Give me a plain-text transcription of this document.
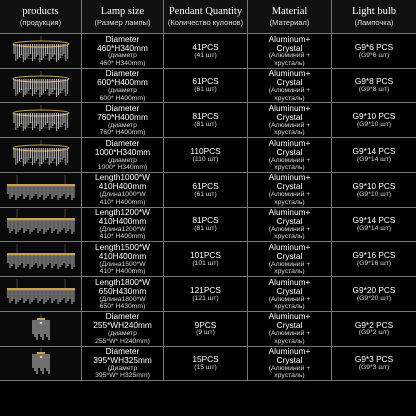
products
(продукция)
Lamp size
(Размер лампы)
Pendant Quantity
(Количество кулонов)
Material
(Материал)
Light bulb
(Лампочка)
Diameter
460*H340mm
(диаметр
460* H340mm)
41PCS
(41 шт)
Aluminum+
Crystal
(Алюминий +
хрусталь)
G9*6 PCS
(G9*6 шт)
Diameter
600*H400mm
(диаметр
600* H400mm)
61PCS
(61 шт)
Aluminum+
Crystal
(Алюминий +
хрусталь)
G9*8 PCS
(G9*8 шт)
Diameter
760*H400mm
(диаметр
760* H400mm)
81PCS
(81 шт)
Aluminum+
Crystal
(Алюминий +
хрусталь)
G9*10 PCS
(G9*10 шт)
Diameter
1000*H340mm
(диаметр
1000* H340mm)
110PCS
(110 шт)
Aluminum+
Crystal
(Алюминий +
хрусталь)
G9*14 PCS
(G9*14 шт)
Length1000*W
410H400mm
(Длина1000*W
410* H400mm)
61PCS
(61 шт)
Aluminum+
Crystal
(Алюминий +
хрусталь)
G9*10 PCS
(G9*10 шт)
Length1200*W
410H400mm
(Длина1200*W
410* H400mm)
81PCS
(81 шт)
Aluminum+
Crystal
(Алюминий +
хрусталь)
G9*14 PCS
(G9*14 шт)
Length1500*W
410H400mm
(Длина1500*W
410* H400mm)
101PCS
(101 шт)
Aluminum+
Crystal
(Алюминий +
хрусталь)
G9*16 PCS
(G9*16 шт)
Length1800*W
650H430mm
(Длина1800*W
650* H430mm)
121PCS
(121 шт)
Aluminum+
Crystal
(Алюминий +
хрусталь)
G9*20 PCS
(G9*20 шт)
Diameter
255*WH240mm
(диаметр
255*W* H240mm)
9PCS
(9 шт)
Aluminum+
Crystal
(Алюминий +
хрусталь)
G9*2 PCS
(G9*2 шт)
Diameter
395*WH325mm
(Диаметр
395*W* H325mm)
15PCS
(15 шт)
Aluminum+
Crystal
(Алюминий +
хрусталь)
G9*3 PCS
(G9*3 шт)
